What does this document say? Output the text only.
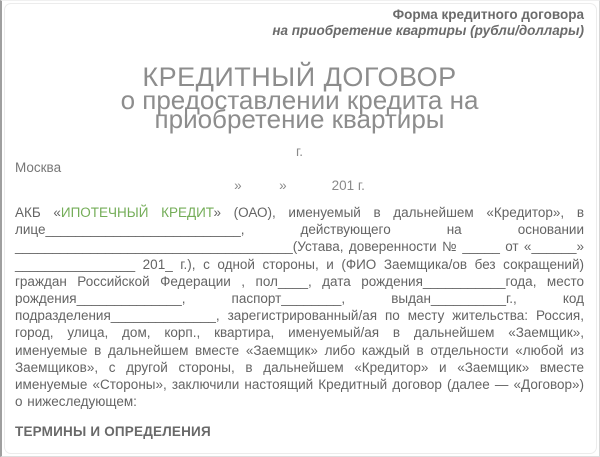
Форма кредитного договора
на приобретение квартиры (рубли/доллары)
КРЕДИТНЫЙ ДОГОВОР
о предоставлении кредита на приобретение квартиры
г.
Москва
»          »            201 г.

АКБ «ИПОТЕЧНЫЙ КРЕДИТ» (ОАО), именуемый в дальнейшем «Кредитор», в лице__________________________, действующего на основании _____________________________________(Устава, доверенности № _____ от «______» ________________ 201_ г.), с одной стороны, и (ФИО Заемщика/ов без сокращений) граждан Российской Федерации , пол____, дата рождения___________года, место рождения______________, паспорт________, выдан__________г., код подразделения______________, зарегистрированный/ая по месту жительства: Россия, город, улица, дом, корп., квартира, именуемый/ая в дальнейшем «Заемщик», именуемые в дальнейшем вместе «Заемщик» либо каждый в отдельности «любой из Заемщиков», с другой стороны, в дальнейшем «Кредитор» и «Заемщик» вместе именуемые «Стороны», заключили настоящий Кредитный договор (далее — «Договор») о нижеследующем:

ТЕРМИНЫ И ОПРЕДЕЛЕНИЯ
